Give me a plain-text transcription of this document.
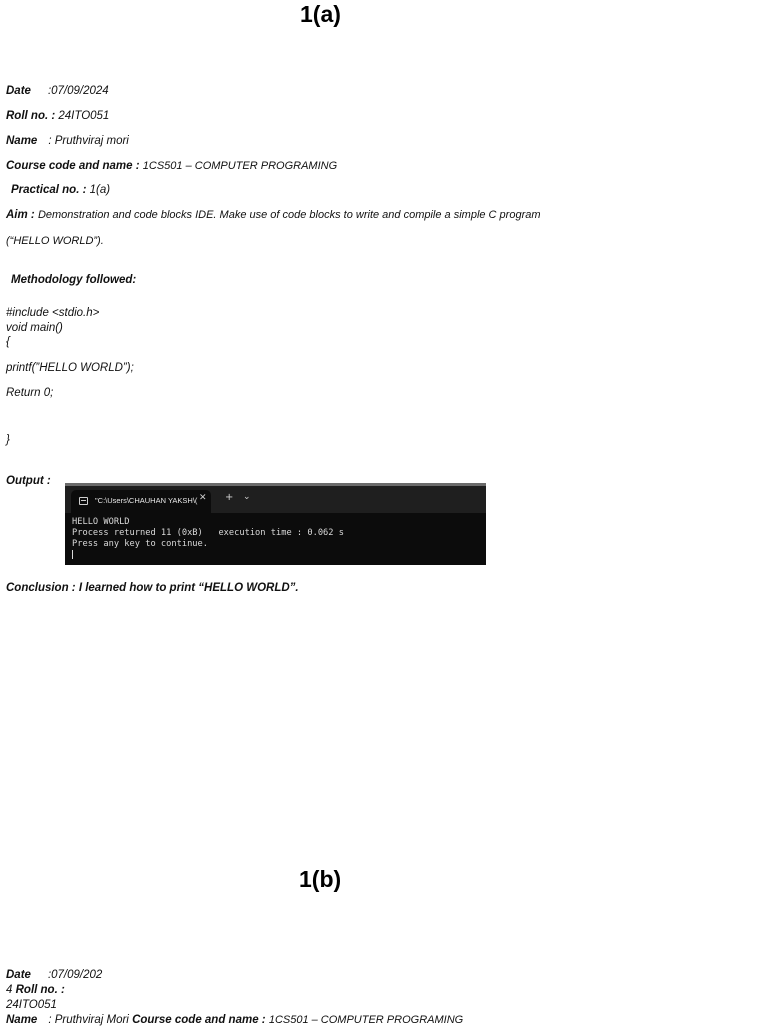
1(a)
Date :07/09/2024
Roll no. : 24ITO051
Name : Pruthviraj mori
Course code and name : 1CS501 – COMPUTER PROGRAMING
Practical no. : 1(a)
Aim : Demonstration and code blocks IDE. Make use of code blocks to write and compile a simple C program
(“HELLO WORLD”).
Methodology followed:
#include <stdio.h>
void main()
{
printf(”HELLO WORLD”);
Return 0;
}
Output :
"C:\Users\CHAUHAN YAKSH\( ✕ + ⌄
HELLO WORLD
Process returned 11 (0xB)   execution time : 0.062 s
Press any key to continue.
Conclusion : I learned how to print “HELLO WORLD”.
1(b)
Date :07/09/202
4 Roll no. :
24ITO051
Name : Pruthviraj Mori Course code and name : 1CS501 – COMPUTER PROGRAMING
